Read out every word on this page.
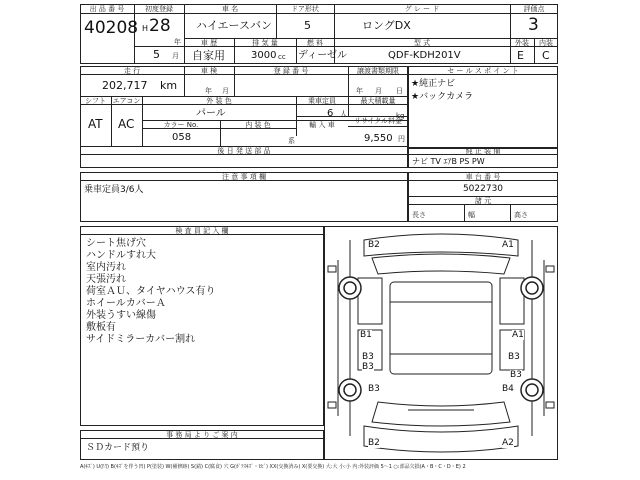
出 品 番 号
40208
初度登録
H 28
年
5 月
車 名
ハイエースバン
ドア形状
5
グ レ ー ド
ロングDX
評価点
3
車 歴
自家用
排 気 量
3000 cc
燃 料
ディーゼル
型 式
QDF-KDH201V
外装
E
内装
C
走 行
202,717 km
車 検
年 月
登 録 番 号	譲渡書類期限
年 月 日
シフト
AT
エアコン
AC
外 装 色
パール
乗車定員
6 人
最大積載量
kg
カラー No.
058
内 装 色
系
輸 入 車	リサイクル料金
9,550 円
後 日 発 送 部 品
セ ー ル ス ポ イ ン ト
★純正ナビ
★バックカメラ
純 正 装 備
ナビ TV ｴｱB PS PW
注 意 事 項 欄
乗車定員3/6人
車 台 番 号
5022730
諸 元
長さ	幅	高さ
検 査 員 記 入 欄
シート焦げ穴
ハンドルすれ大
室内汚れ
天張汚れ
荷室ＡＵ、タイヤハウス有り
ホイールカバーＡ
外装うすい線傷
敷板有
サイドミラーカバー割れ
事 務 局 よ り ご 案 内
ＳＤカード預り
B2	A1
B1	A1
B3	B3
B3	B4
B3
B3
B2	A2
A(ｷｽﾞ) U(凹) B(ｷｽﾞを伴う凹) P(塗装) W(補修跡) S(錆) C(腐食) 穴 G(ｶﾞﾗｽｷｽﾞ・ﾋﾋﾞ) XX(交換済み) X(要交換) 大:大 小:小 内:外装評価 5〜1 ○:部品欠損(A・B・C・D・E) 2
